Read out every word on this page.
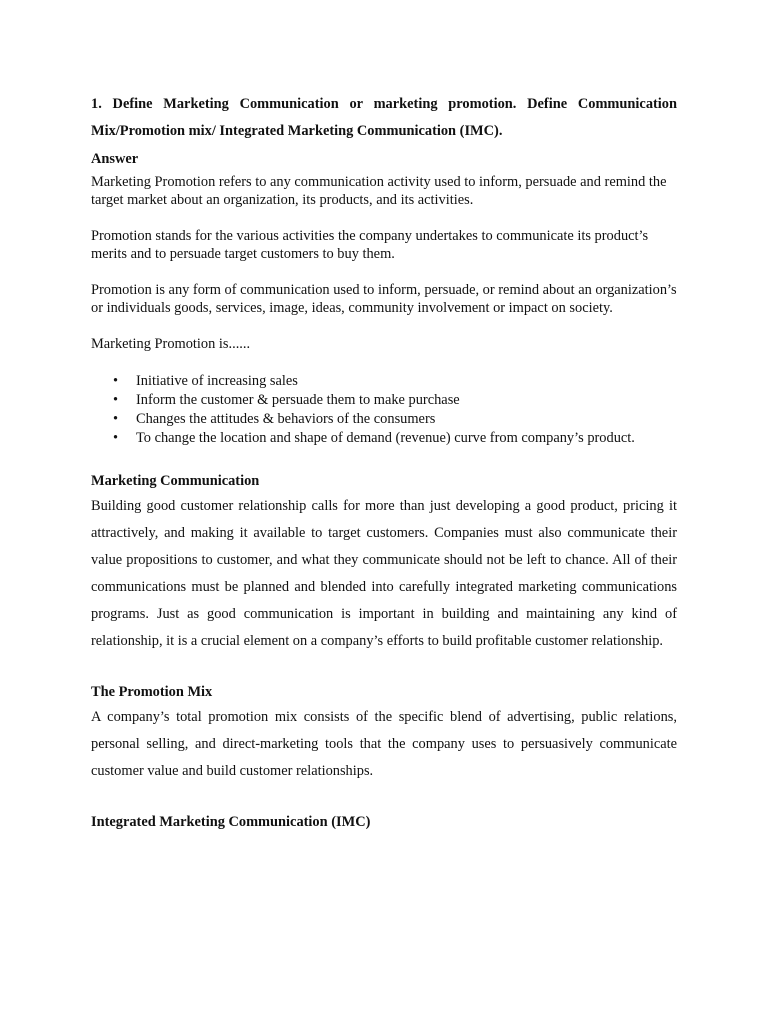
1. Define Marketing Communication or marketing promotion. Define Communication Mix/Promotion mix/ Integrated Marketing Communication (IMC).

Answer

Marketing Promotion refers to any communication activity used to inform, persuade and remind the target market about an organization, its products, and its activities.

Promotion stands for the various activities the company undertakes to communicate its product’s merits and to persuade target customers to buy them.

Promotion is any form of communication used to inform, persuade, or remind about an organization’s or individuals goods, services, image, ideas, community involvement or impact on society.

Marketing Promotion is......

• Initiative of increasing sales
• Inform the customer & persuade them to make purchase
• Changes the attitudes & behaviors of the consumers
• To change the location and shape of demand (revenue) curve from company’s product.

Marketing Communication

Building good customer relationship calls for more than just developing a good product, pricing it attractively, and making it available to target customers. Companies must also communicate their value propositions to customer, and what they communicate should not be left to chance. All of their communications must be planned and blended into carefully integrated marketing communications programs. Just as good communication is important in building and maintaining any kind of relationship, it is a crucial element on a company’s efforts to build profitable customer relationship.

The Promotion Mix

A company’s total promotion mix consists of the specific blend of advertising, public relations, personal selling, and direct-marketing tools that the company uses to persuasively communicate customer value and build customer relationships.

Integrated Marketing Communication (IMC)
